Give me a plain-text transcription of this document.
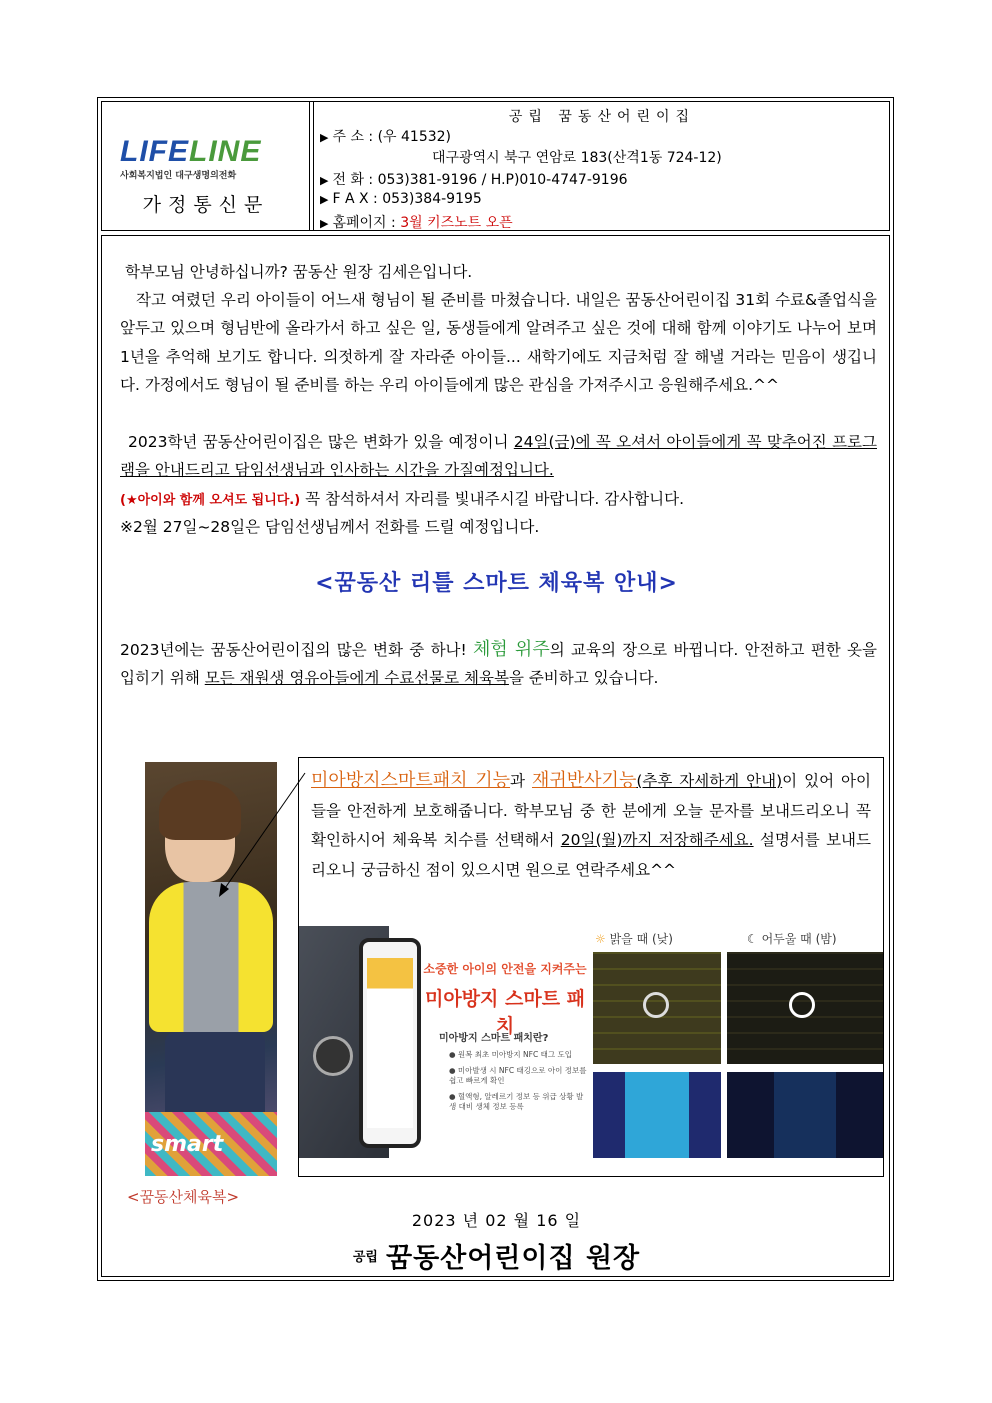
LIFELINE
사회복지법인 대구생명의전화
가정통신문
공립 꿈동산어린이집
▶ 주 소 : (우 41532)
대구광역시 북구 연암로 183(산격1동 724-12)
▶ 전 화 : 053)381-9196 / H.P)010-4747-9196
▶ F A X : 053)384-9195
▶ 홈페이지 : 3월 키즈노트 오픈
학부모님 안녕하십니까? 꿈동산 원장 김세은입니다.
작고 여렸던 우리 아이들이 어느새 형님이 될 준비를 마쳤습니다. 내일은 꿈동산어린이집 31회 수료&졸업식을 앞두고 있으며 형님반에 올라가서 하고 싶은 일, 동생들에게 알려주고 싶은 것에 대해 함께 이야기도 나누어 보며 1년을 추억해 보기도 합니다. 의젓하게 잘 자라준 아이들... 새학기에도 지금처럼 잘 해낼 거라는 믿음이 생깁니다. 가정에서도 형님이 될 준비를 하는 우리 아이들에게 많은 관심을 가져주시고 응원해주세요.^^
2023학년 꿈동산어린이집은 많은 변화가 있을 예정이니 24일(금)에 꼭 오셔서 아이들에게 꼭 맞추어진 프로그램을 안내드리고 담임선생님과 인사하는 시간을 가질예정입니다.
(★아이와 함께 오셔도 됩니다.) 꼭 참석하셔서 자리를 빛내주시길 바랍니다. 감사합니다.
※2월 27일~28일은 담임선생님께서 전화를 드릴 예정입니다.
<꿈동산 리틀 스마트 체육복 안내>
2023년에는 꿈동산어린이집의 많은 변화 중 하나! 체험 위주의 교육의 장으로 바뀝니다. 안전하고 편한 옷을 입히기 위해 모든 재원생 영유아들에게 수료선물로 체육복을 준비하고 있습니다.
smart
<꿈동산체육복>
미아방지스마트패치 기능과 재귀반사기능(추후 자세하게 안내)이 있어 아이들을 안전하게 보호해줍니다. 학부모님 중 한 분에게 오늘 문자를 보내드리오니 꼭 확인하시어 체육복 치수를 선택해서 20일(월)까지 저장해주세요. 설명서를 보내드리오니 궁금하신 점이 있으시면 원으로 연락주세요^^
소중한 아이의 안전을 지켜주는
미아방지 스마트 패치
미아방지 스마트 패치란?
● 원복 최초 미아방지 NFC 태그 도입
● 미아발생 시 NFC 태깅으로 아이 정보를 쉽고 빠르게 확인
● 혈액형, 알레르기 정보 등 위급 상황 발생 대비 생체 정보 등록
☼ 밝을 때 (낮)	☾ 어두울 때 (밤)
2023 년 02 월 16 일
공립 꿈동산어린이집 원장
